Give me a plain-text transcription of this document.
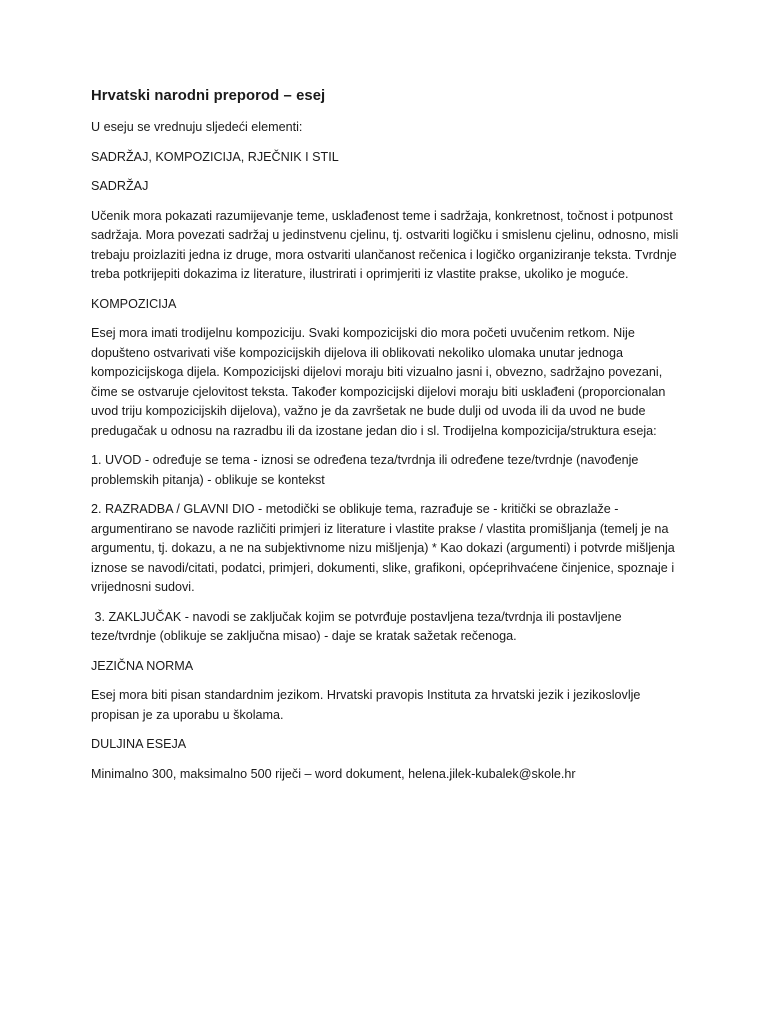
Hrvatski narodni preporod – esej
U eseju se vrednuju sljedeći elementi:
SADRŽAJ, KOMPOZICIJA, RJEČNIK I STIL
SADRŽAJ
Učenik mora pokazati razumijevanje teme, usklađenost teme i sadržaja, konkretnost, točnost i potpunost sadržaja. Mora povezati sadržaj u jedinstvenu cjelinu, tj. ostvariti logičku i smislenu cjelinu, odnosno, misli trebaju proizlaziti jedna iz druge, mora ostvariti ulančanost rečenica i logičko organiziranje teksta. Tvrdnje treba potkrijepiti dokazima iz literature, ilustrirati i oprimjeriti iz vlastite prakse, ukoliko je moguće.
KOMPOZICIJA
Esej mora imati trodijelnu kompoziciju. Svaki kompozicijski dio mora početi uvučenim retkom. Nije dopušteno ostvarivati više kompozicijskih dijelova ili oblikovati nekoliko ulomaka unutar jednoga kompozicijskoga dijela. Kompozicijski dijelovi moraju biti vizualno jasni i, obvezno, sadržajno povezani, čime se ostvaruje cjelovitost teksta. Također kompozicijski dijelovi moraju biti usklađeni (proporcionalan uvod triju kompozicijskih dijelova), važno je da završetak ne bude dulji od uvoda ili da uvod ne bude predugačak u odnosu na razradbu ili da izostane jedan dio i sl. Trodijelna kompozicija/struktura eseja:
1. UVOD - određuje se tema - iznosi se određena teza/tvrdnja ili određene teze/tvrdnje (navođenje problemskih pitanja) - oblikuje se kontekst
2. RAZRADBA / GLAVNI DIO - metodički se oblikuje tema, razrađuje se - kritički se obrazlaže - argumentirano se navode različiti primjeri iz literature i vlastite prakse / vlastita promišljanja (temelj je na argumentu, tj. dokazu, a ne na subjektivnome nizu mišljenja) * Kao dokazi (argumenti) i potvrde mišljenja iznose se navodi/citati, podatci, primjeri, dokumenti, slike, grafikoni, općeprihvaćene činjenice, spoznaje i vrijednosni sudovi.
3. ZAKLJUČAK - navodi se zaključak kojim se potvrđuje postavljena teza/tvrdnja ili postavljene teze/tvrdnje (oblikuje se zaključna misao) - daje se kratak sažetak rečenoga.
JEZIČNA NORMA
Esej mora biti pisan standardnim jezikom. Hrvatski pravopis Instituta za hrvatski jezik i jezikoslovlje propisan je za uporabu u školama.
DULJINA ESEJA
Minimalno 300, maksimalno 500 riječi – word dokument, helena.jilek-kubalek@skole.hr
